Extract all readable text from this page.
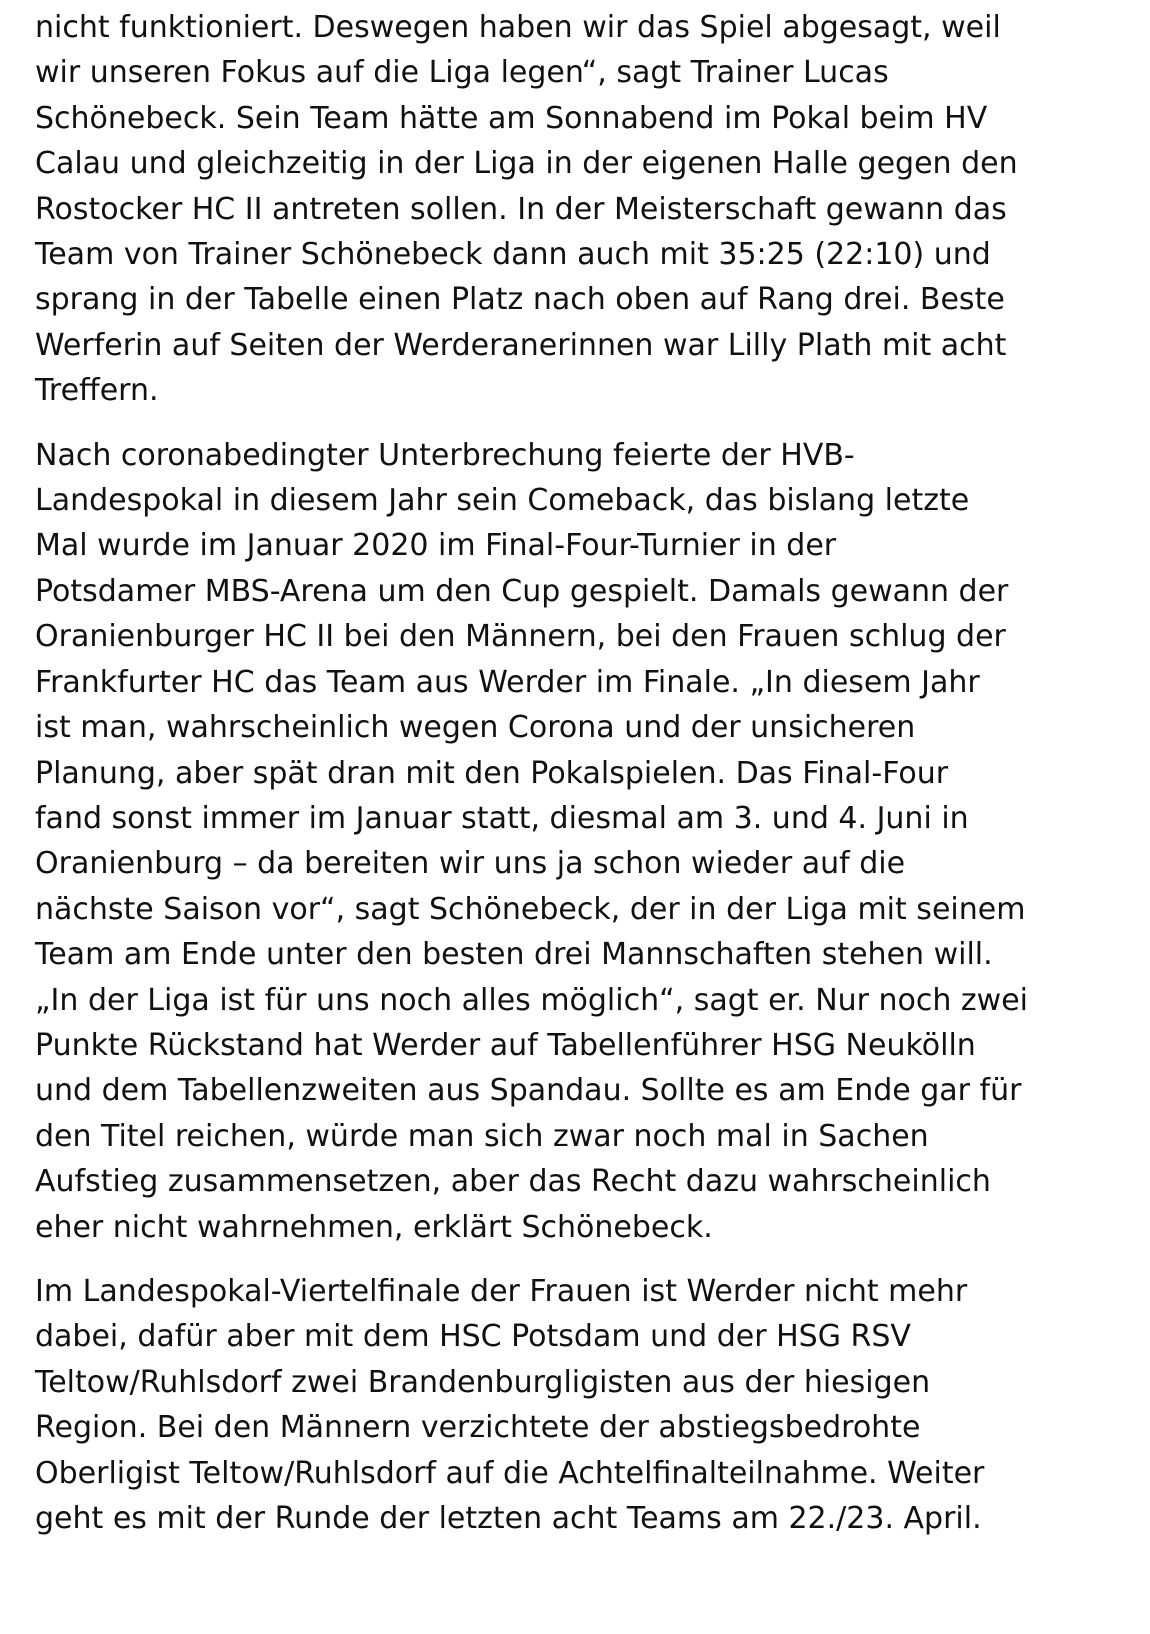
nicht funktioniert. Deswegen haben wir das Spiel abgesagt, weil
wir unseren Fokus auf die Liga legen“, sagt Trainer Lucas
Schönebeck. Sein Team hätte am Sonnabend im Pokal beim HV
Calau und gleichzeitig in der Liga in der eigenen Halle gegen den
Rostocker HC II antreten sollen. In der Meisterschaft gewann das
Team von Trainer Schönebeck dann auch mit 35:25 (22:10) und
sprang in der Tabelle einen Platz nach oben auf Rang drei. Beste
Werferin auf Seiten der Werderanerinnen war Lilly Plath mit acht
Treffern.

Nach coronabedingter Unterbrechung feierte der HVB-
Landespokal in diesem Jahr sein Comeback, das bislang letzte
Mal wurde im Januar 2020 im Final-Four-Turnier in der
Potsdamer MBS-Arena um den Cup gespielt. Damals gewann der
Oranienburger HC II bei den Männern, bei den Frauen schlug der
Frankfurter HC das Team aus Werder im Finale. „In diesem Jahr
ist man, wahrscheinlich wegen Corona und der unsicheren
Planung, aber spät dran mit den Pokalspielen. Das Final-Four
fand sonst immer im Januar statt, diesmal am 3. und 4. Juni in
Oranienburg – da bereiten wir uns ja schon wieder auf die
nächste Saison vor“, sagt Schönebeck, der in der Liga mit seinem
Team am Ende unter den besten drei Mannschaften stehen will.
„In der Liga ist für uns noch alles möglich“, sagt er. Nur noch zwei
Punkte Rückstand hat Werder auf Tabellenführer HSG Neukölln
und dem Tabellenzweiten aus Spandau. Sollte es am Ende gar für
den Titel reichen, würde man sich zwar noch mal in Sachen
Aufstieg zusammensetzen, aber das Recht dazu wahrscheinlich
eher nicht wahrnehmen, erklärt Schönebeck.

Im Landespokal-Viertelfinale der Frauen ist Werder nicht mehr
dabei, dafür aber mit dem HSC Potsdam und der HSG RSV
Teltow/Ruhlsdorf zwei Brandenburgligisten aus der hiesigen
Region. Bei den Männern verzichtete der abstiegsbedrohte
Oberligist Teltow/Ruhlsdorf auf die Achtelfinalteilnahme. Weiter
geht es mit der Runde der letzten acht Teams am 22./23. April.
